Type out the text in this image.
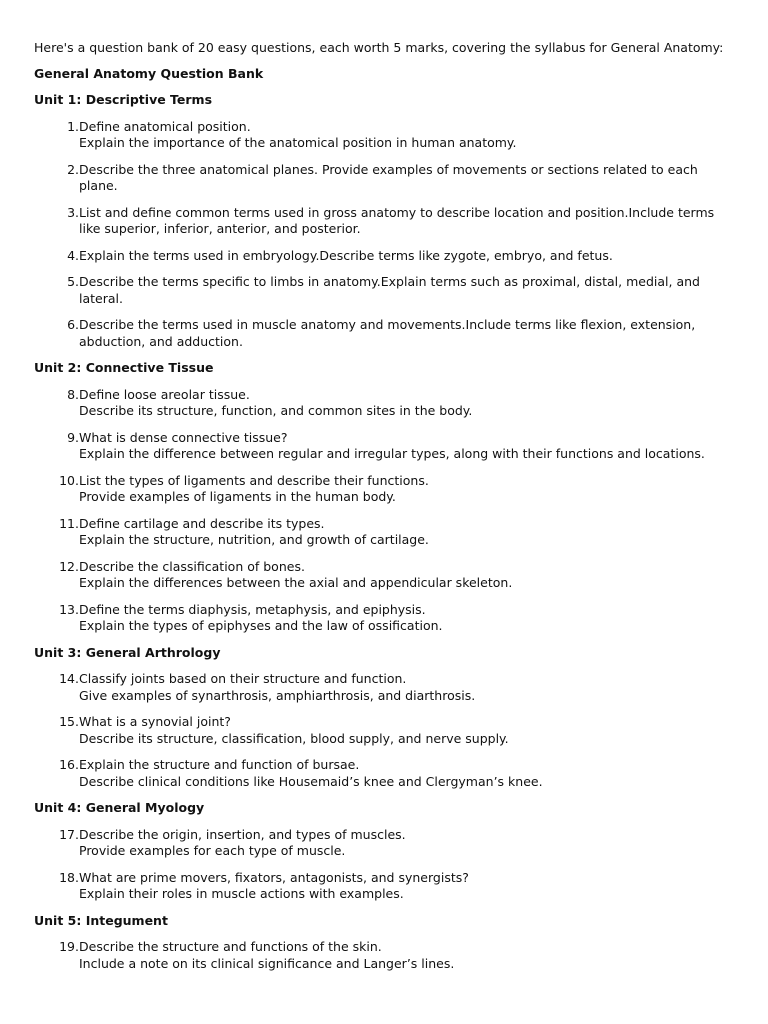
Here's a question bank of 20 easy questions, each worth 5 marks, covering the syllabus for General Anatomy:

General Anatomy Question Bank

Unit 1: Descriptive Terms

1. Define anatomical position.
Explain the importance of the anatomical position in human anatomy.
2. Describe the three anatomical planes. Provide examples of movements or sections related to each plane.
3. List and define common terms used in gross anatomy to describe location and position.Include terms like superior, inferior, anterior, and posterior.
4. Explain the terms used in embryology.Describe terms like zygote, embryo, and fetus.
5. Describe the terms specific to limbs in anatomy.Explain terms such as proximal, distal, medial, and lateral.
6. Describe the terms used in muscle anatomy and movements.Include terms like flexion, extension, abduction, and adduction.

Unit 2: Connective Tissue

8. Define loose areolar tissue.
Describe its structure, function, and common sites in the body.
9. What is dense connective tissue?
Explain the difference between regular and irregular types, along with their functions and locations.
10. List the types of ligaments and describe their functions.
Provide examples of ligaments in the human body.
11. Define cartilage and describe its types.
Explain the structure, nutrition, and growth of cartilage.
12. Describe the classification of bones.
Explain the differences between the axial and appendicular skeleton.
13. Define the terms diaphysis, metaphysis, and epiphysis.
Explain the types of epiphyses and the law of ossification.

Unit 3: General Arthrology

14. Classify joints based on their structure and function.
Give examples of synarthrosis, amphiarthrosis, and diarthrosis.
15. What is a synovial joint?
Describe its structure, classification, blood supply, and nerve supply.
16. Explain the structure and function of bursae.
Describe clinical conditions like Housemaid’s knee and Clergyman’s knee.

Unit 4: General Myology

17. Describe the origin, insertion, and types of muscles.
Provide examples for each type of muscle.
18. What are prime movers, fixators, antagonists, and synergists?
Explain their roles in muscle actions with examples.

Unit 5: Integument

19. Describe the structure and functions of the skin.
Include a note on its clinical significance and Langer’s lines.
